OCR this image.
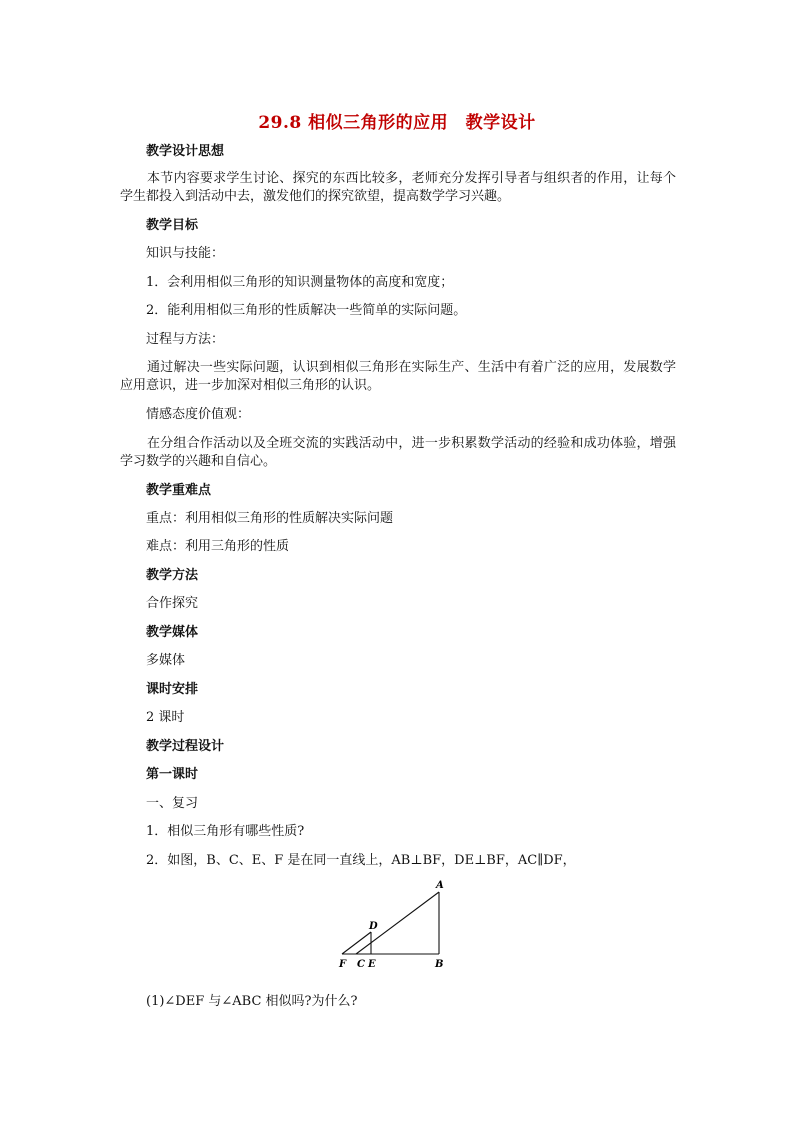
29.8 相似三角形的应用　教学设计
教学设计思想
本节内容要求学生讨论、探究的东西比较多，老师充分发挥引导者与组织者的作用，让每个学生都投入到活动中去，激发他们的探究欲望，提高数学学习兴趣。
教学目标
知识与技能：
1．会利用相似三角形的知识测量物体的高度和宽度；
2．能利用相似三角形的性质解决一些简单的实际问题。
过程与方法：
通过解决一些实际问题，认识到相似三角形在实际生产、生活中有着广泛的应用，发展数学应用意识，进一步加深对相似三角形的认识。
情感态度价值观：
在分组合作活动以及全班交流的实践活动中，进一步积累数学活动的经验和成功体验，增强学习数学的兴趣和自信心。
教学重难点
重点：利用相似三角形的性质解决实际问题
难点：利用三角形的性质
教学方法
合作探究
教学媒体
多媒体
课时安排
2 课时
教学过程设计
第一课时
一、复习
1．相似三角形有哪些性质?
2．如图，B、C、E、F 是在同一直线上，AB⊥BF，DE⊥BF，AC∥DF，
A
B
C
D
E
F
(1)∠DEF 与∠ABC 相似吗?为什么?
